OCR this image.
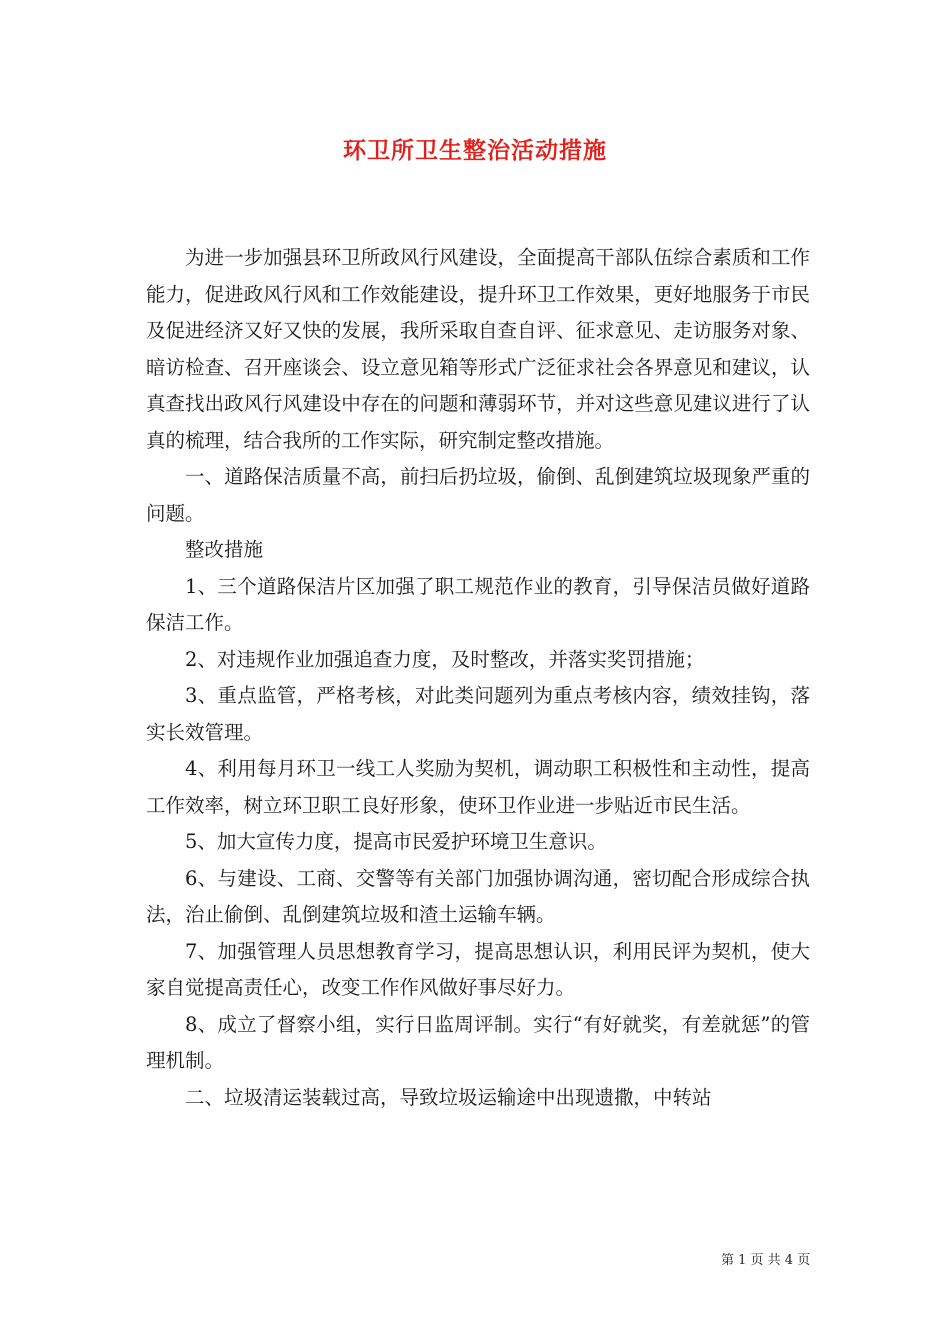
环卫所卫生整治活动措施

为进一步加强县环卫所政风行风建设，全面提高干部队伍综合素质和工作能力，促进政风行风和工作效能建设，提升环卫工作效果，更好地服务于市民及促进经济又好又快的发展，我所采取自查自评、征求意见、走访服务对象、暗访检查、召开座谈会、设立意见箱等形式广泛征求社会各界意见和建议，认真查找出政风行风建设中存在的问题和薄弱环节，并对这些意见建议进行了认真的梳理，结合我所的工作实际，研究制定整改措施。

一、道路保洁质量不高，前扫后扔垃圾，偷倒、乱倒建筑垃圾现象严重的问题。

整改措施

1、三个道路保洁片区加强了职工规范作业的教育，引导保洁员做好道路保洁工作。

2、对违规作业加强追查力度，及时整改，并落实奖罚措施；

3、重点监管，严格考核，对此类问题列为重点考核内容，绩效挂钩，落实长效管理。

4、利用每月环卫一线工人奖励为契机，调动职工积极性和主动性，提高工作效率，树立环卫职工良好形象，使环卫作业进一步贴近市民生活。

5、加大宣传力度，提高市民爱护环境卫生意识。

6、与建设、工商、交警等有关部门加强协调沟通，密切配合形成综合执法，治止偷倒、乱倒建筑垃圾和渣土运输车辆。

7、加强管理人员思想教育学习，提高思想认识，利用民评为契机，使大家自觉提高责任心，改变工作作风做好事尽好力。

8、成立了督察小组，实行日监周评制。实行“有好就奖，有差就惩”的管理机制。

二、垃圾清运装载过高，导致垃圾运输途中出现遗撒，中转站

第 1 页 共 4 页
